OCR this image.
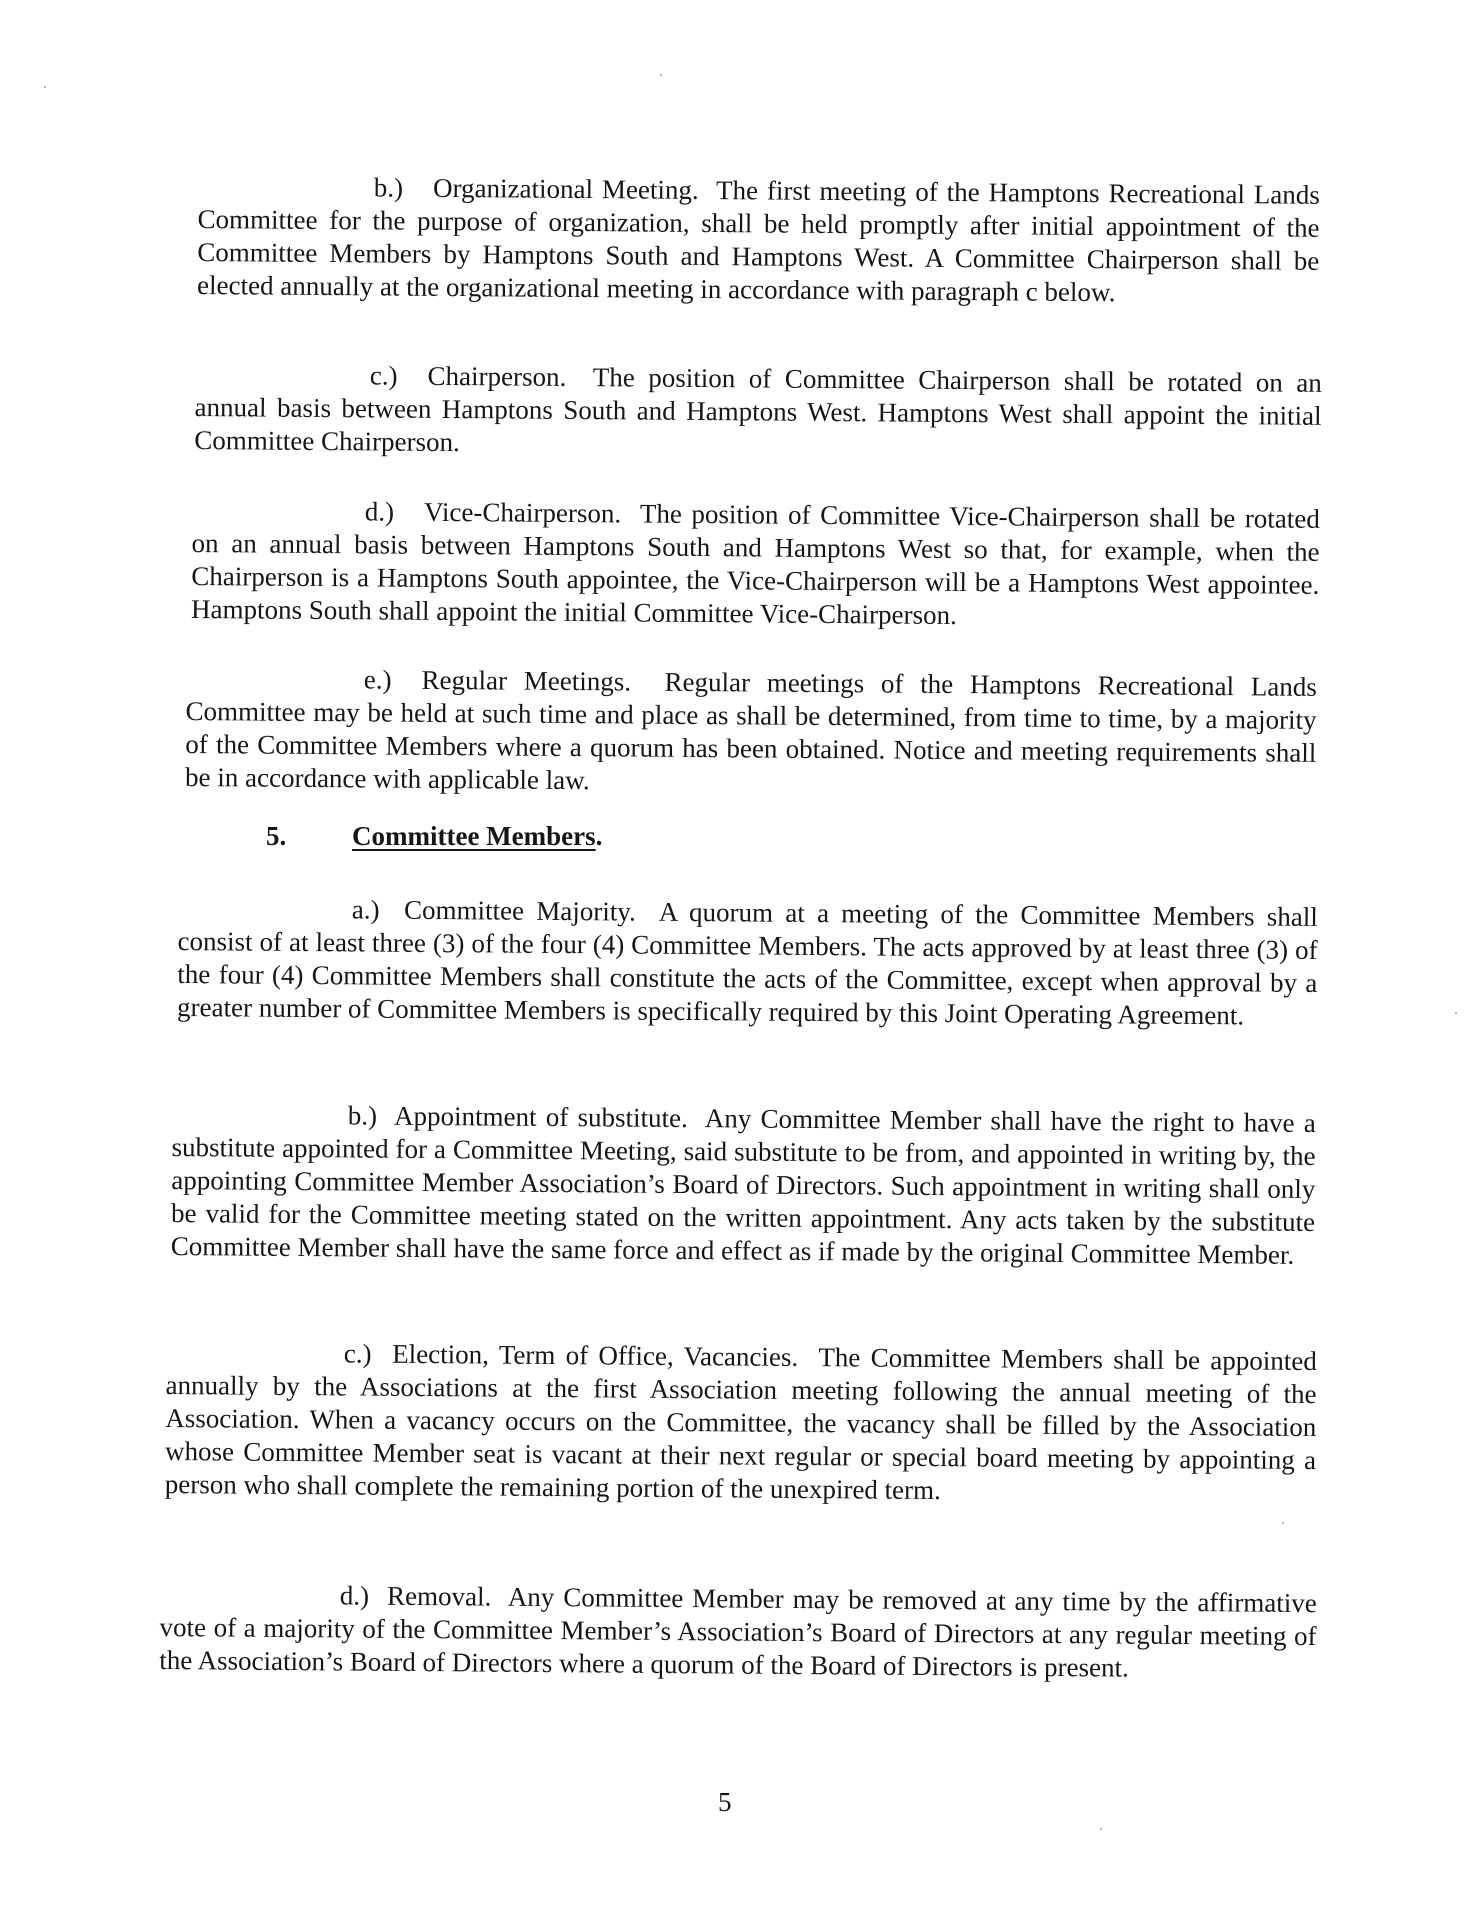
b.) Organizational Meeting. The first meeting of the Hamptons Recreational Lands Committee for the purpose of organization, shall be held promptly after initial appointment of the Committee Members by Hamptons South and Hamptons West. A Committee Chairperson shall be elected annually at the organizational meeting in accordance with paragraph c below.

c.) Chairperson. The position of Committee Chairperson shall be rotated on an annual basis between Hamptons South and Hamptons West. Hamptons West shall appoint the initial Committee Chairperson.

d.) Vice-Chairperson. The position of Committee Vice-Chairperson shall be rotated on an annual basis between Hamptons South and Hamptons West so that, for example, when the Chairperson is a Hamptons South appointee, the Vice-Chairperson will be a Hamptons West appointee. Hamptons South shall appoint the initial Committee Vice-Chairperson.

e.) Regular Meetings. Regular meetings of the Hamptons Recreational Lands Committee may be held at such time and place as shall be determined, from time to time, by a majority of the Committee Members where a quorum has been obtained. Notice and meeting requirements shall be in accordance with applicable law.

5. Committee Members.

a.) Committee Majority. A quorum at a meeting of the Committee Members shall consist of at least three (3) of the four (4) Committee Members. The acts approved by at least three (3) of the four (4) Committee Members shall constitute the acts of the Committee, except when approval by a greater number of Committee Members is specifically required by this Joint Operating Agreement.

b.) Appointment of substitute. Any Committee Member shall have the right to have a substitute appointed for a Committee Meeting, said substitute to be from, and appointed in writing by, the appointing Committee Member Association’s Board of Directors. Such appointment in writing shall only be valid for the Committee meeting stated on the written appointment. Any acts taken by the substitute Committee Member shall have the same force and effect as if made by the original Committee Member.

c.) Election, Term of Office, Vacancies. The Committee Members shall be appointed annually by the Associations at the first Association meeting following the annual meeting of the Association. When a vacancy occurs on the Committee, the vacancy shall be filled by the Association whose Committee Member seat is vacant at their next regular or special board meeting by appointing a person who shall complete the remaining portion of the unexpired term.

d.) Removal. Any Committee Member may be removed at any time by the affirmative vote of a majority of the Committee Member’s Association’s Board of Directors at any regular meeting of the Association’s Board of Directors where a quorum of the Board of Directors is present.

5
